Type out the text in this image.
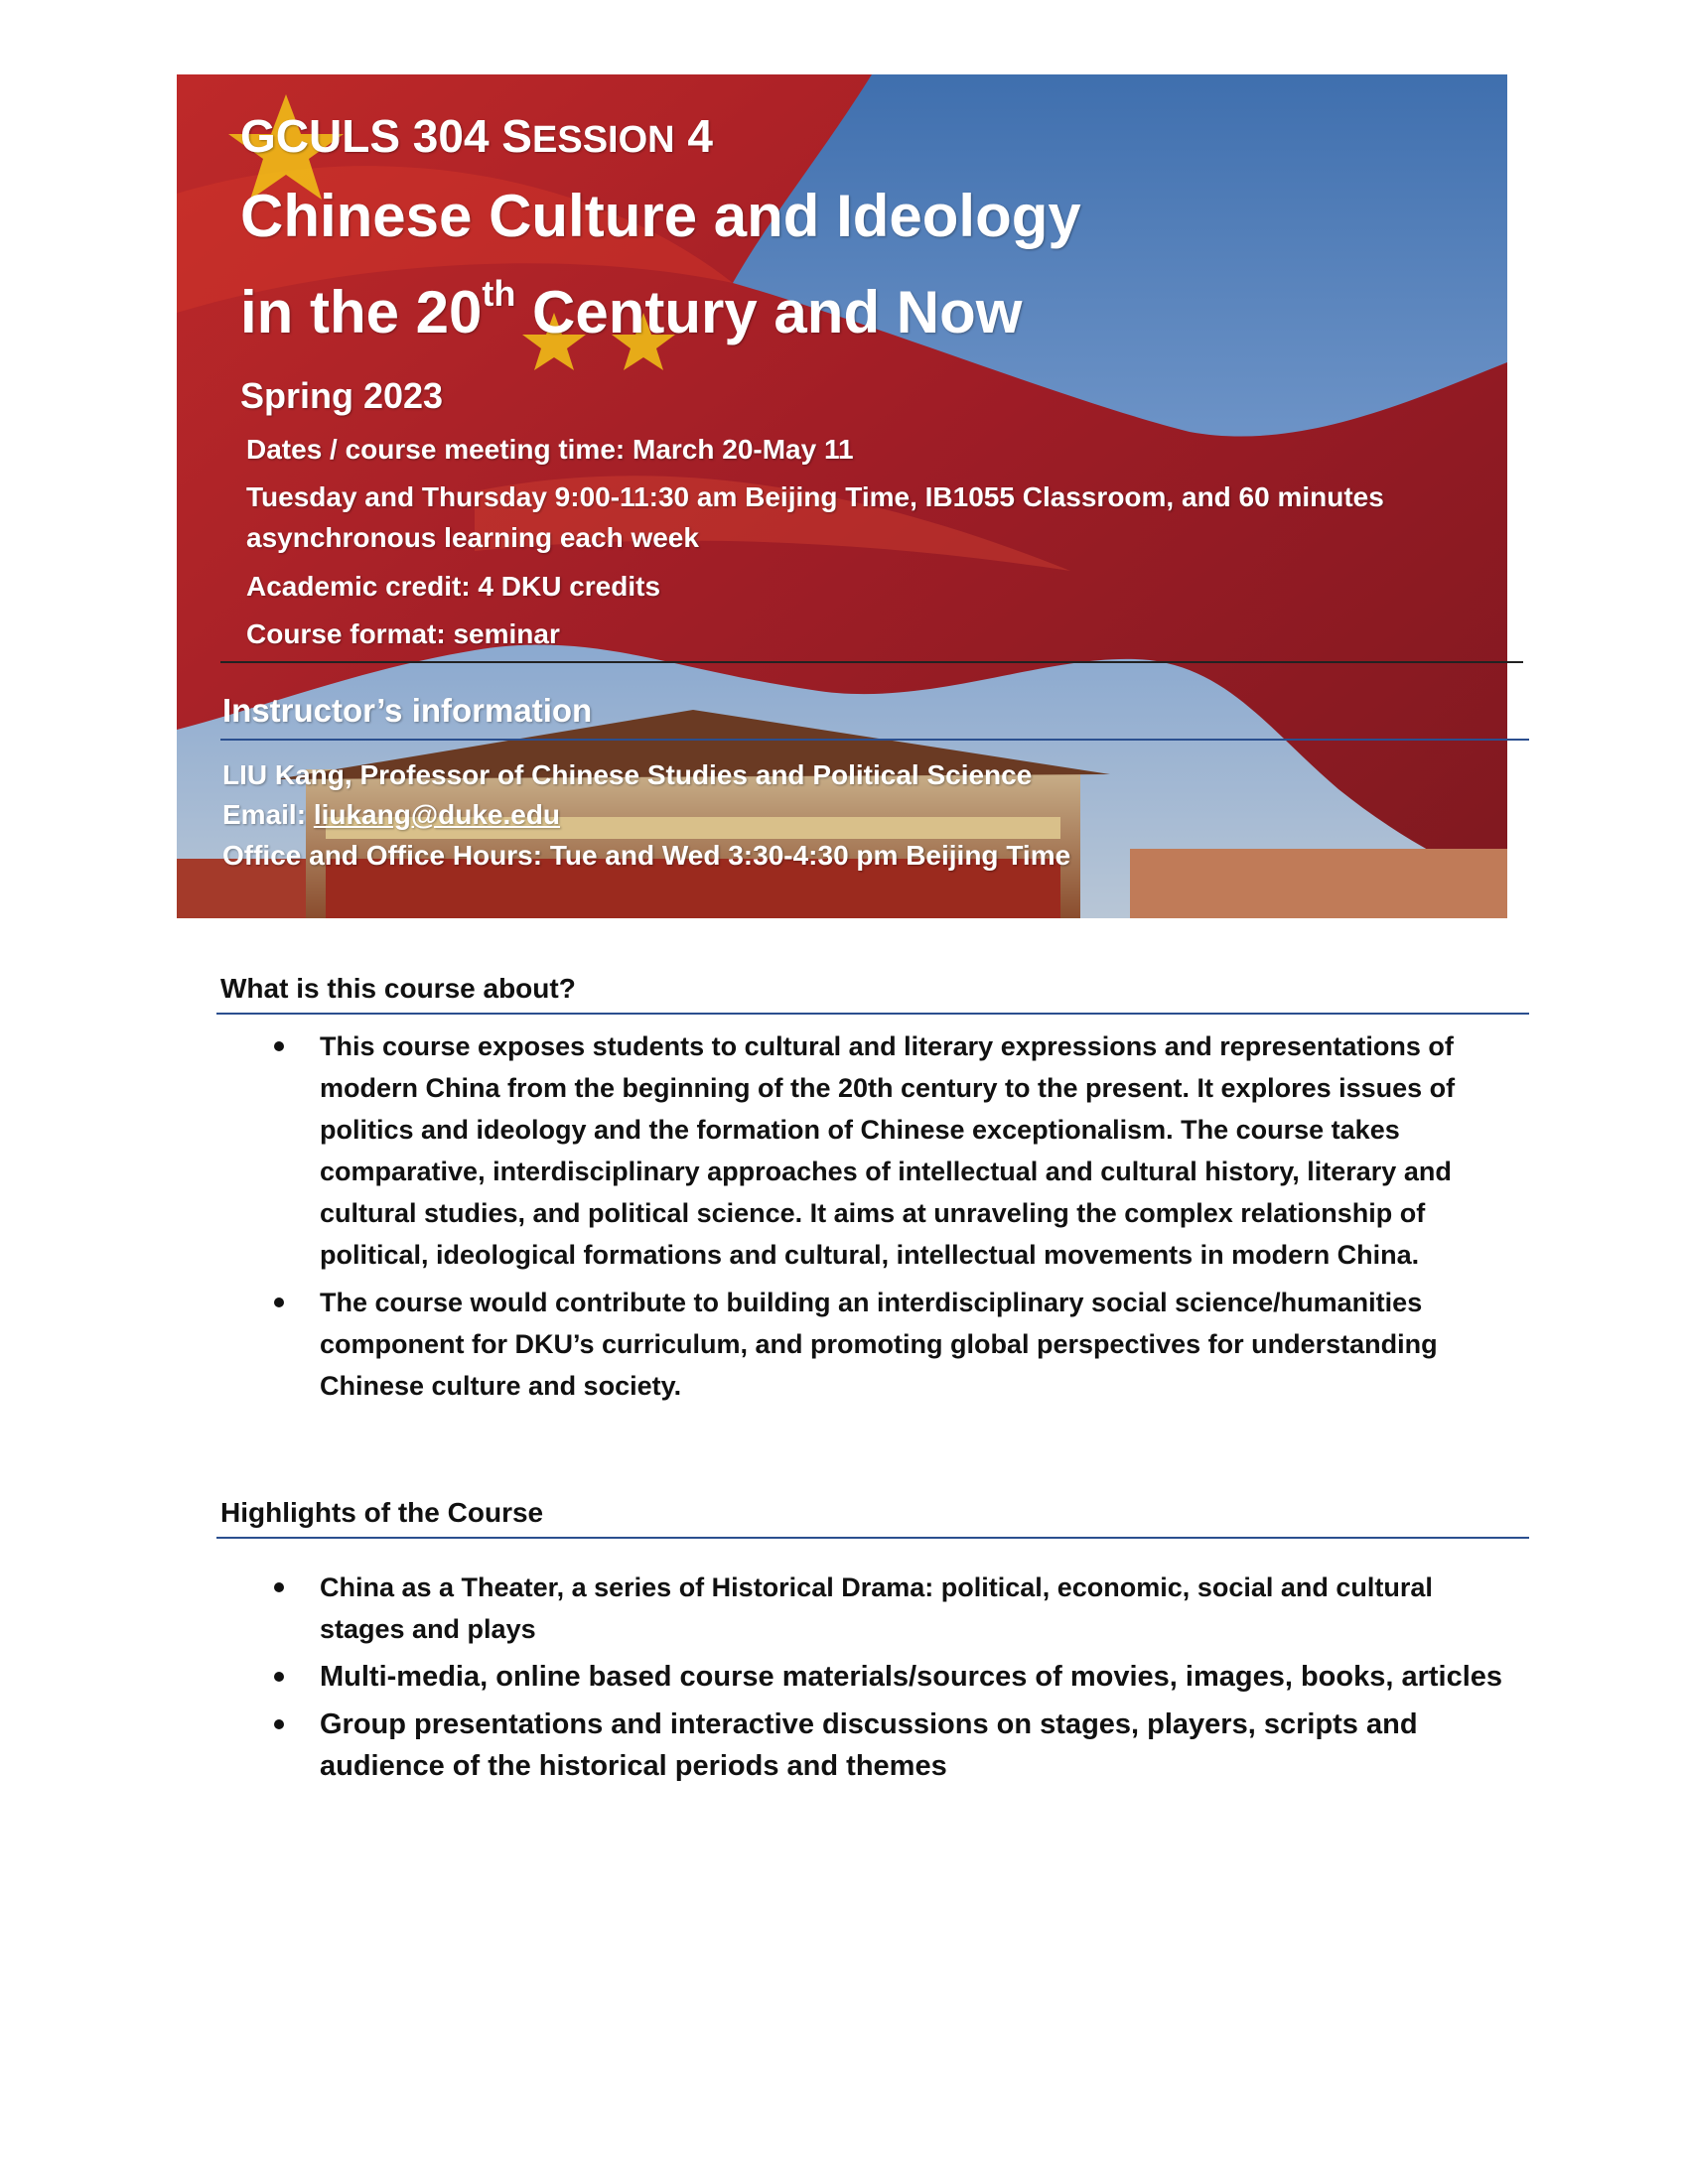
GCULS 304 SESSION 4
Chinese Culture and Ideology
in the 20th Century and Now
Spring 2023
Dates / course meeting time: March 20-May 11
Tuesday and Thursday 9:00-11:30 am Beijing Time, IB1055 Classroom, and 60 minutes
asynchronous learning each week
Academic credit: 4 DKU credits
Course format: seminar
Instructor’s information
LIU Kang, Professor of Chinese Studies and Political Science
Email: liukang@duke.edu
Office and Office Hours: Tue and Wed 3:30-4:30 pm Beijing Time
What is this course about?
This course exposes students to cultural and literary expressions and representations of modern China from the beginning of the 20th century to the present. It explores issues of politics and ideology and the formation of Chinese exceptionalism. The course takes comparative, interdisciplinary approaches of intellectual and cultural history, literary and cultural studies, and political science. It aims at unraveling the complex relationship of political, ideological formations and cultural, intellectual movements in modern China.
The course would contribute to building an interdisciplinary social science/humanities component for DKU’s curriculum, and promoting global perspectives for understanding Chinese culture and society.
Highlights of the Course
China as a Theater, a series of Historical Drama: political, economic, social and cultural stages and plays
Multi-media, online based course materials/sources of movies, images, books, articles
Group presentations and interactive discussions on stages, players, scripts and audience of the historical periods and themes
